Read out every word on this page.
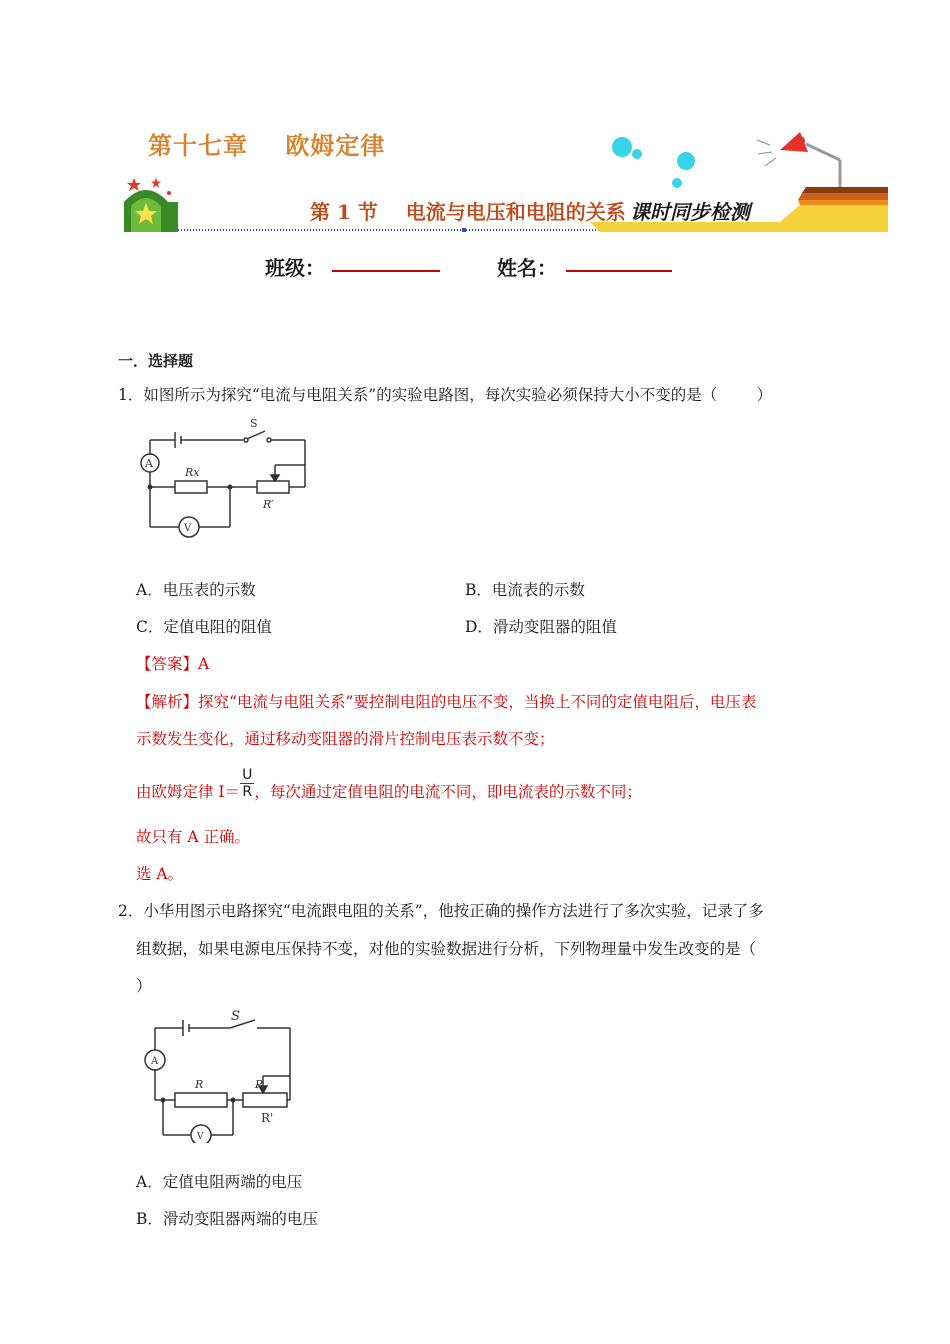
第十七章    欧姆定律
第 1 节    电流与电压和电阻的关系 课时同步检测
班级：	姓名：
一．选择题
1．如图所示为探究“电流与电阻关系”的实验电路图，每次实验必须保持大小不变的是（        ）
S
A
Rx
R′
V
A．电压表的示数	B．电流表的示数
C．定值电阻的阻值	D．滑动变阻器的阻值
【答案】A
【解析】探究“电流与电阻关系”要控制电阻的电压不变，当换上不同的定值电阻后，电压表
示数发生变化，通过移动变阻器的滑片控制电压表示数不变；
由欧姆定律 $I= \frac{U}{R}$ ，每次通过定值电阻的电流不同，即电流表的示数不同；
故只有 A 正确。
选 A。
2．小华用图示电路探究“电流跟电阻的关系”，他按正确的操作方法进行了多次实验，记录了多
组数据，如果电源电压保持不变，对他的实验数据进行分析，下列物理量中发生改变的是（
）
S
A
R	P
R'
V
A．定值电阻两端的电压
B．滑动变阻器两端的电压
